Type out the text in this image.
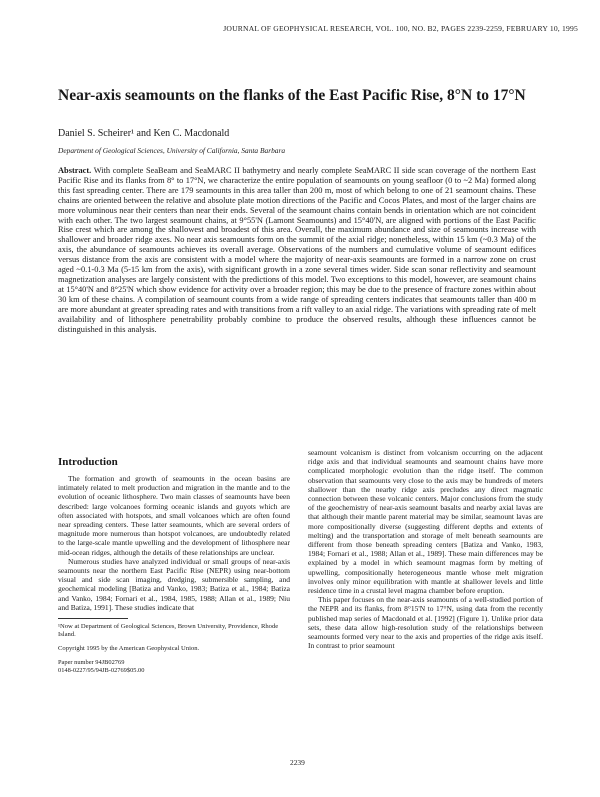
JOURNAL OF GEOPHYSICAL RESEARCH, VOL. 100, NO. B2, PAGES 2239-2259, FEBRUARY 10, 1995
Near-axis seamounts on the flanks of the East Pacific Rise, 8°N to 17°N
Daniel S. Scheirer¹ and Ken C. Macdonald
Department of Geological Sciences, University of California, Santa Barbara
Abstract. With complete SeaBeam and SeaMARC II bathymetry and nearly complete SeaMARC II side scan coverage of the northern East Pacific Rise and its flanks from 8° to 17°N, we characterize the entire population of seamounts on young seafloor (0 to ~2 Ma) formed along this fast spreading center. There are 179 seamounts in this area taller than 200 m, most of which belong to one of 21 seamount chains. These chains are oriented between the relative and absolute plate motion directions of the Pacific and Cocos Plates, and most of the larger chains are more voluminous near their centers than near their ends. Several of the seamount chains contain bends in orientation which are not coincident with each other. The two largest seamount chains, at 9°55'N (Lamont Seamounts) and 15°40'N, are aligned with portions of the East Pacific Rise crest which are among the shallowest and broadest of this area. Overall, the maximum abundance and size of seamounts increase with shallower and broader ridge axes. No near axis seamounts form on the summit of the axial ridge; nonetheless, within 15 km (~0.3 Ma) of the axis, the abundance of seamounts achieves its overall average. Observations of the numbers and cumulative volume of seamount edifices versus distance from the axis are consistent with a model where the majority of near-axis seamounts are formed in a narrow zone on crust aged ~0.1-0.3 Ma (5-15 km from the axis), with significant growth in a zone several times wider. Side scan sonar reflectivity and seamount magnetization analyses are largely consistent with the predictions of this model. Two exceptions to this model, however, are seamount chains at 15°40'N and 8°25'N which show evidence for activity over a broader region; this may be due to the presence of fracture zones within about 30 km of these chains. A compilation of seamount counts from a wide range of spreading centers indicates that seamounts taller than 400 m are more abundant at greater spreading rates and with transitions from a rift valley to an axial ridge. The variations with spreading rate of melt availability and of lithosphere penetrability probably combine to produce the observed results, although these influences cannot be distinguished in this analysis.
Introduction

The formation and growth of seamounts in the ocean basins are intimately related to melt production and migration in the mantle and to the evolution of oceanic lithosphere. Two main classes of seamounts have been described: large volcanoes forming oceanic islands and guyots which are often associated with hotspots, and small volcanoes which are often found near spreading centers. These latter seamounts, which are several orders of magnitude more numerous than hotspot volcanoes, are undoubtedly related to the large-scale mantle upwelling and the development of lithosphere near mid-ocean ridges, although the details of these relationships are unclear.

Numerous studies have analyzed individual or small groups of near-axis seamounts near the northern East Pacific Rise (NEPR) using near-bottom visual and side scan imaging, dredging, submersible sampling, and geochemical modeling [Batiza and Vanko, 1983; Batiza et al., 1984; Batiza and Vanko, 1984; Fornari et al., 1984, 1985, 1988; Allan et al., 1989; Niu and Batiza, 1991]. These studies indicate that

¹Now at Department of Geological Sciences, Brown University, Providence, Rhode Island.

Copyright 1995 by the American Geophysical Union.

Paper number 94JB02769

0148-0227/95/94JB-02769$05.00

seamount volcanism is distinct from volcanism occurring on the adjacent ridge axis and that individual seamounts and seamount chains have more complicated morphologic evolution than the ridge itself. The common observation that seamounts very close to the axis may be hundreds of meters shallower than the nearby ridge axis precludes any direct magmatic connection between these volcanic centers. Major conclusions from the study of the geochemistry of near-axis seamount basalts and nearby axial lavas are that although their mantle parent material may be similar, seamount lavas are more compositionally diverse (suggesting different depths and extents of melting) and the transportation and storage of melt beneath seamounts are different from those beneath spreading centers [Batiza and Vanko, 1983, 1984; Fornari et al., 1988; Allan et al., 1989]. These main differences may be explained by a model in which seamount magmas form by melting of upwelling, compositionally heterogeneous mantle whose melt migration involves only minor equilibration with mantle at shallower levels and little residence time in a crustal level magma chamber before eruption.

This paper focuses on the near-axis seamounts of a well-studied portion of the NEPR and its flanks, from 8°15'N to 17°N, using data from the recently published map series of Macdonald et al. [1992] (Figure 1). Unlike prior data sets, these data allow high-resolution study of the relationships between seamounts formed very near to the axis and properties of the ridge axis itself. In contrast to prior seamount

2239
